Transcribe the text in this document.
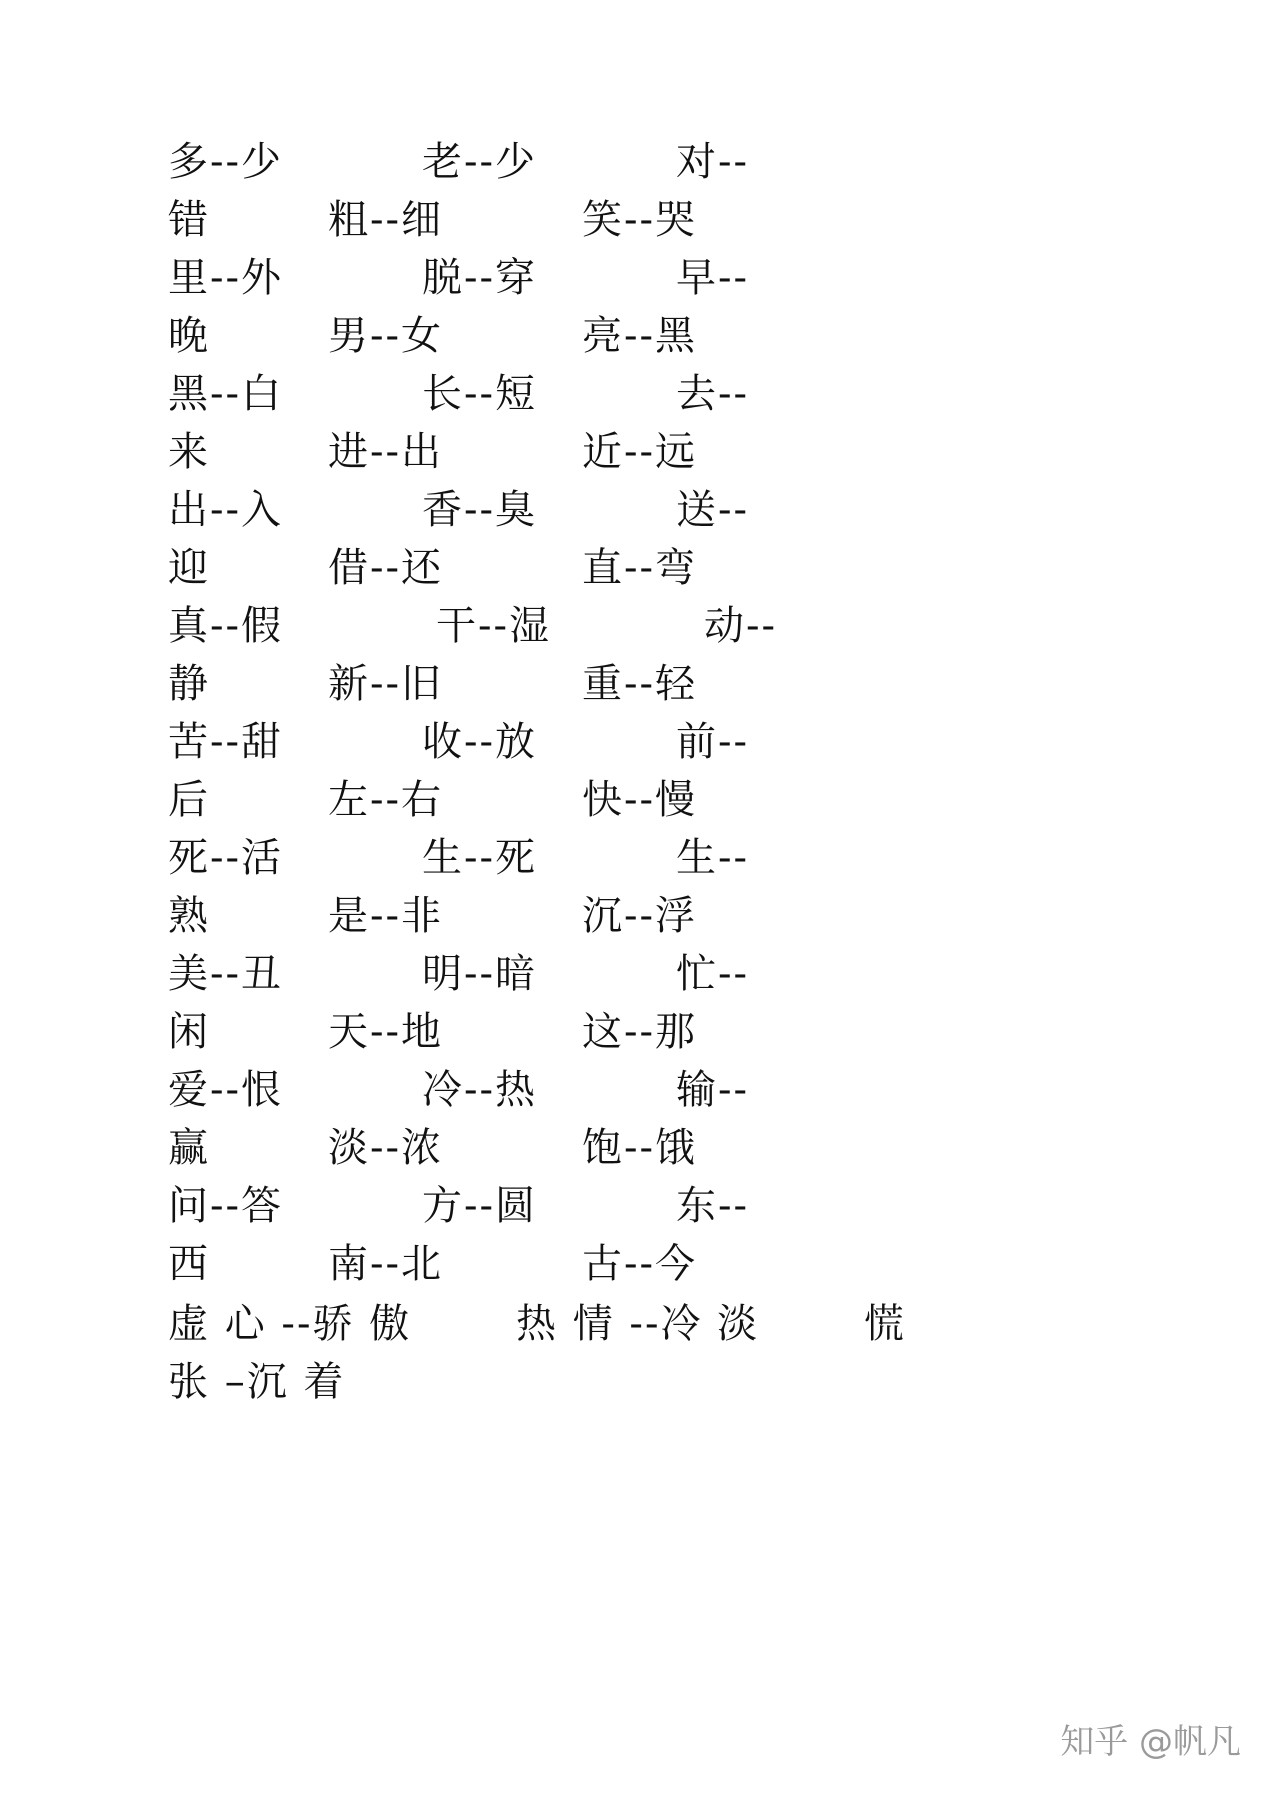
多--少	老--少	对--
错	粗--细	笑--哭
里--外	脱--穿	早--
晚	男--女	亮--黑
黑--白	长--短	去--
来	进--出	近--远
出--入	香--臭	送--
迎	借--还	直--弯
真--假	干--湿	动--
静	新--旧	重--轻
苦--甜	收--放	前--
后	左--右	快--慢
死--活	生--死	生--
熟	是--非	沉--浮
美--丑	明--暗	忙--
闲	天--地	这--那
爱--恨	冷--热	输--
赢	淡--浓	饱--饿
问--答	方--圆	东--
西	南--北	古--今
虚 心 --骄 傲	热 情 --冷 淡	慌
张 –沉 着
知乎 @帆凡
